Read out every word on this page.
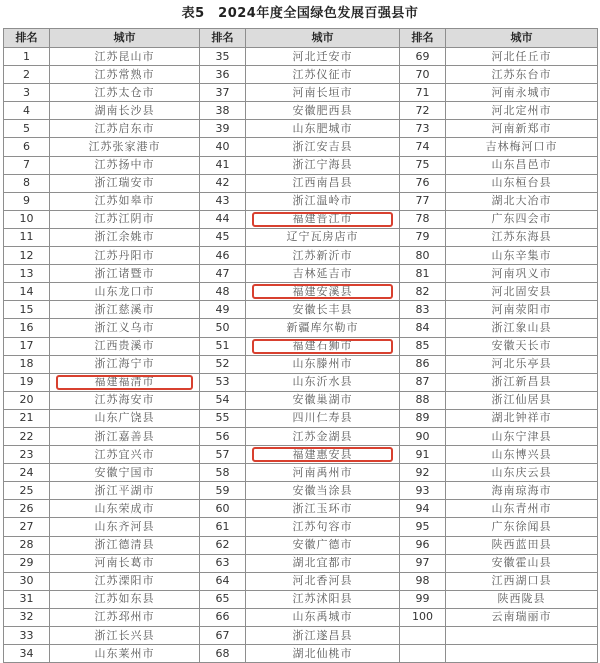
表5　2024年度全国绿色发展百强县市
排名	城市	排名	城市	排名	城市
1	江苏昆山市	35	河北迁安市	69	河北任丘市
2	江苏常熟市	36	江苏仪征市	70	江苏东台市
3	江苏太仓市	37	河南长垣市	71	河南永城市
4	湖南长沙县	38	安徽肥西县	72	河北定州市
5	江苏启东市	39	山东肥城市	73	河南新郑市
6	江苏张家港市	40	浙江安吉县	74	吉林梅河口市
7	江苏扬中市	41	浙江宁海县	75	山东昌邑市
8	浙江瑞安市	42	江西南昌县	76	山东桓台县
9	江苏如皋市	43	浙江温岭市	77	湖北大冶市
10	江苏江阴市	44	福建晋江市	78	广东四会市
11	浙江余姚市	45	辽宁瓦房店市	79	江苏东海县
12	江苏丹阳市	46	江苏新沂市	80	山东辛集市
13	浙江诸暨市	47	吉林延吉市	81	河南巩义市
14	山东龙口市	48	福建安溪县	82	河北固安县
15	浙江慈溪市	49	安徽长丰县	83	河南荥阳市
16	浙江义乌市	50	新疆库尔勒市	84	浙江象山县
17	江西贵溪市	51	福建石狮市	85	安徽天长市
18	浙江海宁市	52	山东滕州市	86	河北乐亭县
19	福建福清市	53	山东沂水县	87	浙江新昌县
20	江苏海安市	54	安徽巢湖市	88	浙江仙居县
21	山东广饶县	55	四川仁寿县	89	湖北钟祥市
22	浙江嘉善县	56	江苏金湖县	90	山东宁津县
23	江苏宜兴市	57	福建惠安县	91	山东博兴县
24	安徽宁国市	58	河南禹州市	92	山东庆云县
25	浙江平湖市	59	安徽当涂县	93	海南琼海市
26	山东荣成市	60	浙江玉环市	94	山东青州市
27	山东齐河县	61	江苏句容市	95	广东徐闻县
28	浙江德清县	62	安徽广德市	96	陕西蓝田县
29	河南长葛市	63	湖北宜都市	97	安徽霍山县
30	江苏溧阳市	64	河北香河县	98	江西湖口县
31	江苏如东县	65	江苏沭阳县	99	陕西陇县
32	江苏邳州市	66	山东禹城市	100	云南瑞丽市
33	浙江长兴县	67	浙江遂昌县		
34	山东莱州市	68	湖北仙桃市		
